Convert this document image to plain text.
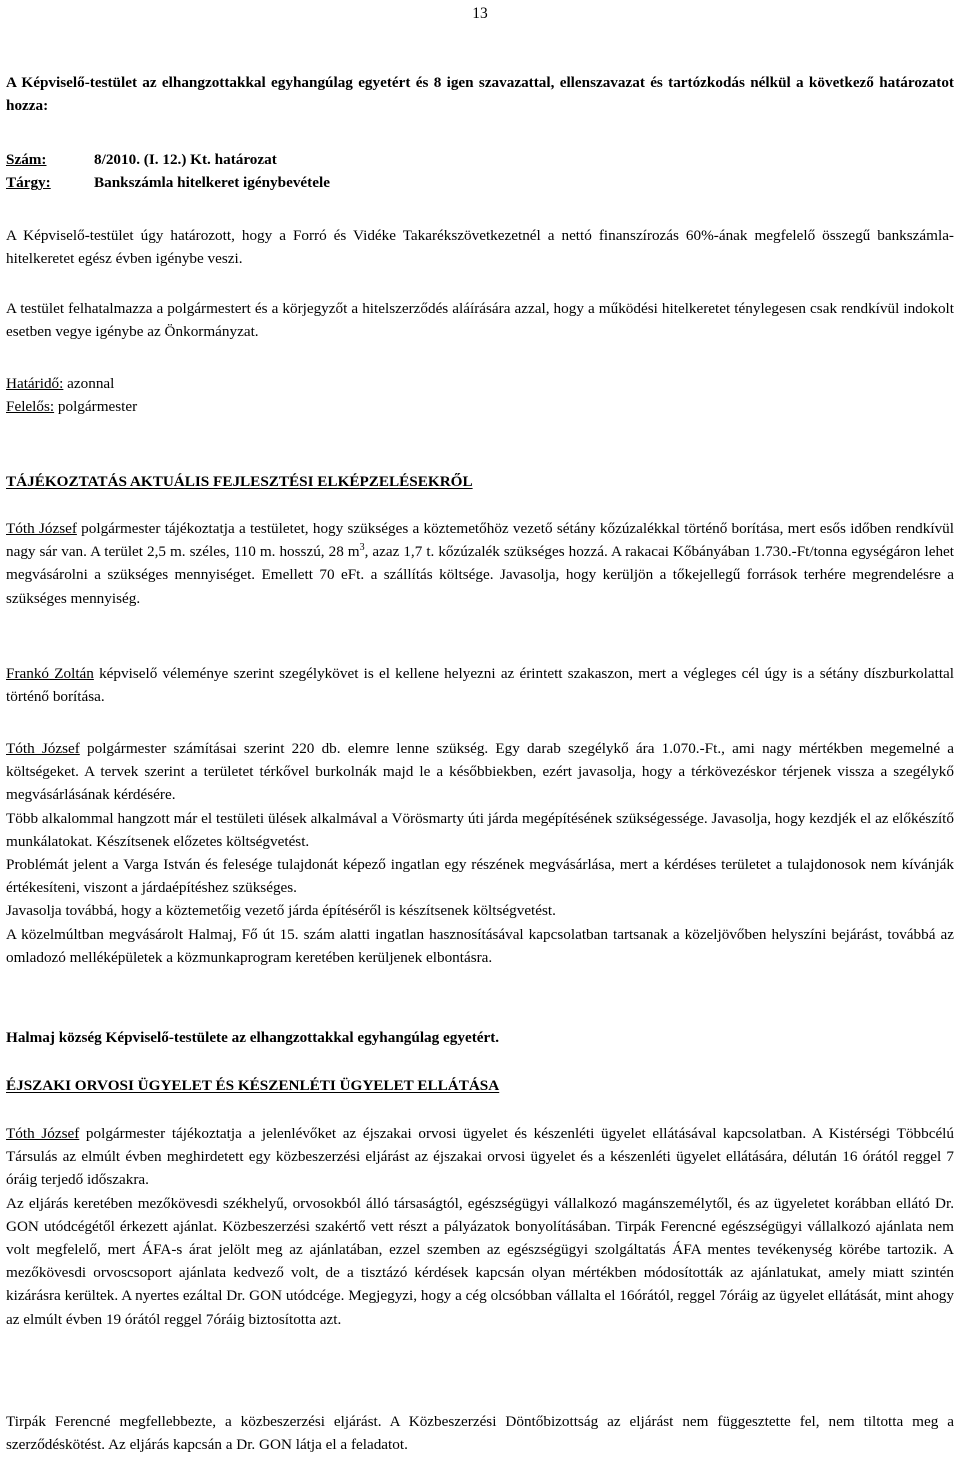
13

A Képviselő-testület az elhangzottakkal egyhangúlag egyetért és 8 igen szavazattal, ellenszavazat és tartózkodás nélkül a következő határozatot hozza:

Szám:	8/2010. (I. 12.) Kt. határozat
Tárgy:	Bankszámla hitelkeret igénybevétele

A Képviselő-testület úgy határozott, hogy a Forró és Vidéke Takarékszövetkezetnél a nettó finanszírozás 60%-ának megfelelő összegű bankszámla-hitelkeretet egész évben igénybe veszi.

A testület felhatalmazza a polgármestert és a körjegyzőt a hitelszerződés aláírására azzal, hogy a működési hitelkeretet ténylegesen csak rendkívül indokolt esetben vegye igénybe az Önkormányzat.

Határidő: azonnal

Felelős: polgármester

TÁJÉKOZTATÁS AKTUÁLIS FEJLESZTÉSI ELKÉPZELÉSEKRŐL

Tóth József polgármester tájékoztatja a testületet, hogy szükséges a köztemetőhöz vezető sétány kőzúzalékkal történő borítása, mert esős időben rendkívül nagy sár van. A terület 2,5 m. széles, 110 m. hosszú, 28 $m^3$, azaz 1,7 t. kőzúzalék szükséges hozzá. A rakacai Kőbányában 1.730.-Ft/tonna egységáron lehet megvásárolni a szükséges mennyiséget. Emellett 70 eFt. a szállítás költsége. Javasolja, hogy kerüljön a tőkejellegű források terhére megrendelésre a szükséges mennyiség.

Frankó Zoltán képviselő véleménye szerint szegélykövet is el kellene helyezni az érintett szakaszon, mert a végleges cél úgy is a sétány díszburkolattal történő borítása.

Tóth József polgármester számításai szerint 220 db. elemre lenne szükség. Egy darab szegélykő ára 1.070.-Ft., ami nagy mértékben megemelné a költségeket. A tervek szerint a területet térkővel burkolnák majd le a későbbiekben, ezért javasolja, hogy a térkövezéskor térjenek vissza a szegélykő megvásárlásának kérdésére.

Több alkalommal hangzott már el testületi ülések alkalmával a Vörösmarty úti járda megépítésének szükségessége. Javasolja, hogy kezdjék el az előkészítő munkálatokat. Készítsenek előzetes költségvetést.

Problémát jelent a Varga István és felesége tulajdonát képező ingatlan egy részének megvásárlása, mert a kérdéses területet a tulajdonosok nem kívánják értékesíteni, viszont a járdaépítéshez szükséges.

Javasolja továbbá, hogy a köztemetőig vezető járda építéséről is készítsenek költségvetést.

A közelmúltban megvásárolt Halmaj, Fő út 15. szám alatti ingatlan hasznosításával kapcsolatban tartsanak a közeljövőben helyszíni bejárást, továbbá az omladozó melléképületek a közmunkaprogram keretében kerüljenek elbontásra.

Halmaj község Képviselő-testülete az elhangzottakkal egyhangúlag egyetért.

ÉJSZAKI ORVOSI ÜGYELET ÉS KÉSZENLÉTI ÜGYELET ELLÁTÁSA

Tóth József polgármester tájékoztatja a jelenlévőket az éjszakai orvosi ügyelet és készenléti ügyelet ellátásával kapcsolatban. A Kistérségi Többcélú Társulás az elmúlt évben meghirdetett egy közbeszerzési eljárást az éjszakai orvosi ügyelet és a készenléti ügyelet ellátására, délután 16 órától reggel 7 óráig terjedő időszakra.

Az eljárás keretében mezőkövesdi székhelyű, orvosokból álló társaságtól, egészségügyi vállalkozó magánszemélytől, és az ügyeletet korábban ellátó Dr. GON utódcégétől érkezett ajánlat. Közbeszerzési szakértő vett részt a pályázatok bonyolításában. Tirpák Ferencné egészségügyi vállalkozó ajánlata nem volt megfelelő, mert ÁFA-s árat jelölt meg az ajánlatában, ezzel szemben az egészségügyi szolgáltatás ÁFA mentes tevékenység körébe tartozik. A mezőkövesdi orvoscsoport ajánlata kedvező volt, de a tisztázó kérdések kapcsán olyan mértékben módosították az ajánlatukat, amely miatt szintén kizárásra kerültek. A nyertes ezáltal Dr. GON utódcége. Megjegyzi, hogy a cég olcsóbban vállalta el 16órától, reggel 7óráig az ügyelet ellátását, mint ahogy az elmúlt évben 19 órától reggel 7óráig biztosította azt.

Tirpák Ferencné megfellebbezte, a közbeszerzési eljárást. A Közbeszerzési Döntőbizottság az eljárást nem függesztette fel, nem tiltotta meg a szerződéskötést. Az eljárás kapcsán a Dr. GON látja el a feladatot.
